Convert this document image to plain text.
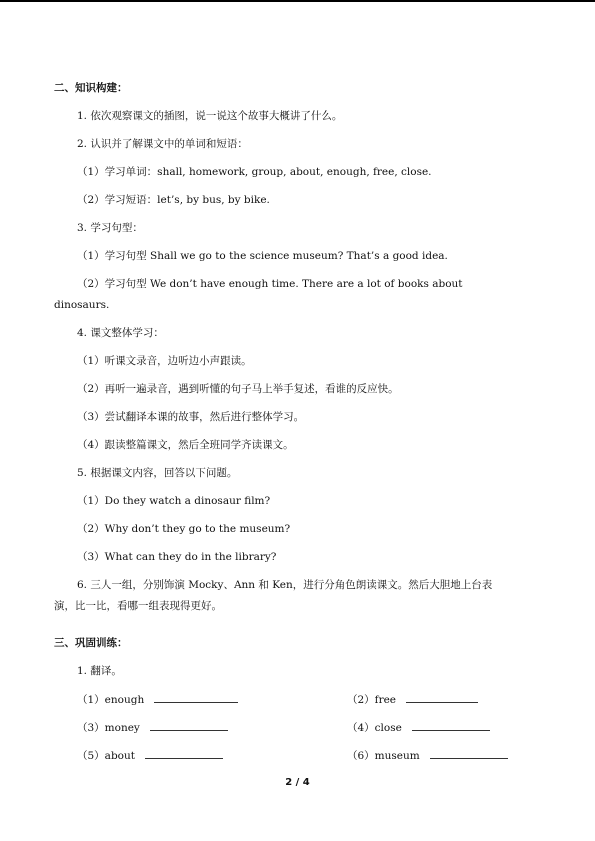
二、知识构建：
1. 依次观察课文的插图，说一说这个故事大概讲了什么。
2. 认识并了解课文中的单词和短语：
（1）学习单词：shall, homework, group, about, enough, free, close.
（2）学习短语：let’s, by bus, by bike.
3. 学习句型：
（1）学习句型 Shall we go to the science museum? That’s a good idea.
（2）学习句型 We don’t have enough time. There are a lot of books about
dinosaurs.
4. 课文整体学习：
（1）听课文录音，边听边小声跟读。
（2）再听一遍录音，遇到听懂的句子马上举手复述，看谁的反应快。
（3）尝试翻译本课的故事，然后进行整体学习。
（4）跟读整篇课文，然后全班同学齐读课文。
5. 根据课文内容，回答以下问题。
（1）Do they watch a dinosaur film?
（2）Why don’t they go to the museum?
（3）What can they do in the library?
6. 三人一组，分别饰演 Mocky、Ann 和 Ken，进行分角色朗读课文。然后大胆地上台表
演，比一比，看哪一组表现得更好。
三、巩固训练：
1. 翻译。
（1）enough	（2）free
（3）money	（4）close
（5）about	（6）museum
2 / 4
